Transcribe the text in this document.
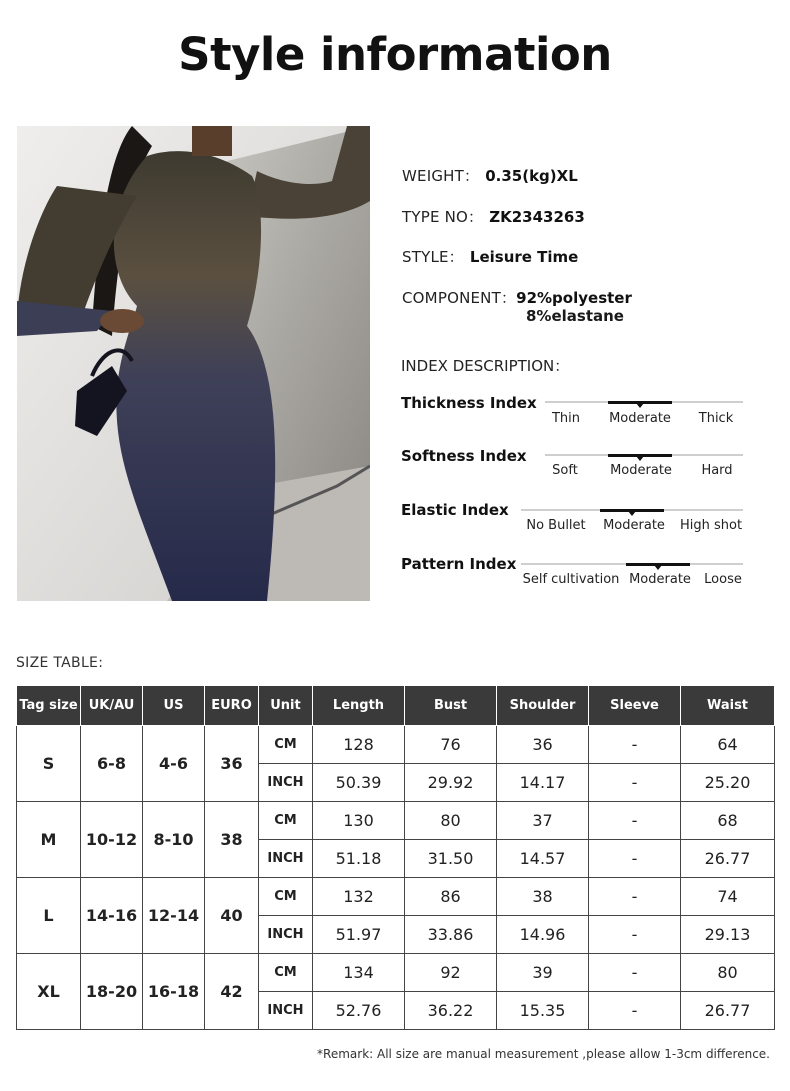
Style information
WEIGHT： 0.35(kg)XL
TYPE NO： ZK2343263
STYLE： Leisure Time
COMPONENT：92%polyester
8%elastane
INDEX DESCRIPTION：
Thickness Index
Thin Moderate Thick
Softness Index
Soft Moderate Hard
Elastic Index
No Bullet Moderate High shot
Pattern Index
Self cultivation Moderate Loose
SIZE TABLE:
Tag size	UK/AU	US	EURO	Unit	Length	Bust	Shoulder	Sleeve	Waist
S	6-8	4-6	36	CM	128	76	36	-	64
				INCH	50.39	29.92	14.17	-	25.20
M	10-12	8-10	38	CM	130	80	37	-	68
				INCH	51.18	31.50	14.57	-	26.77
L	14-16	12-14	40	CM	132	86	38	-	74
				INCH	51.97	33.86	14.96	-	29.13
XL	18-20	16-18	42	CM	134	92	39	-	80
				INCH	52.76	36.22	15.35	-	26.77
*Remark: All size are manual measurement ,please allow 1-3cm difference.
